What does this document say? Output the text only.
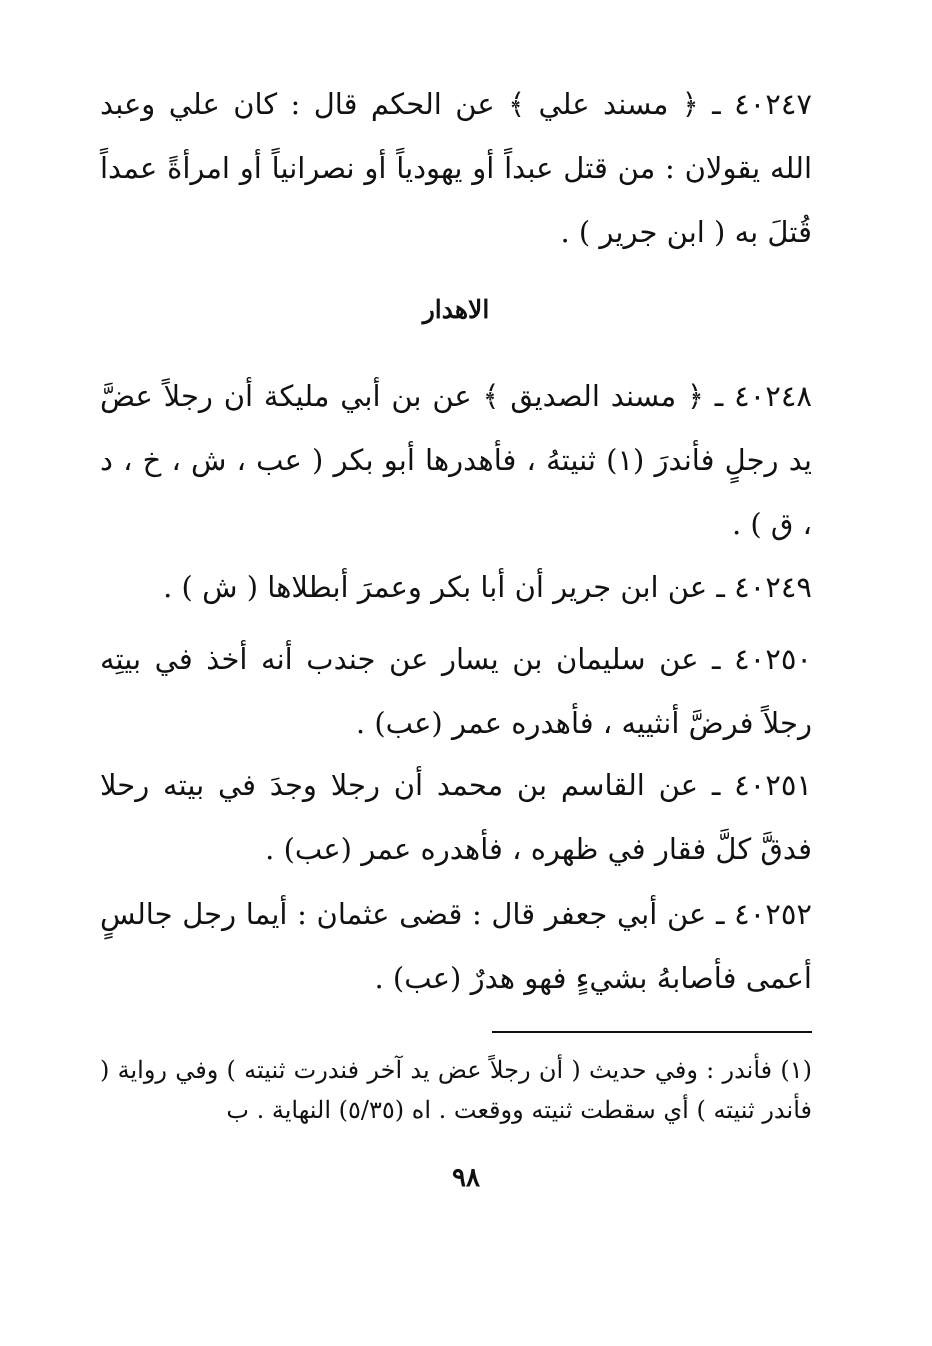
٤٠٢٤٧ ـ ﴿ مسند علي ﴾ عن الحكم قال : كان علي وعبد الله يقولان : من قتل عبداً أو يهودياً أو نصرانياً أو امرأةً عمداً قُتلَ به ( ابن جرير ) .

الاهدار

٤٠٢٤٨ ـ ﴿ مسند الصديق ﴾ عن بن أبي مليكة أن رجلاً عضَّ يد رجلٍ فأندرَ (١) ثنيتهُ ، فأهدرها أبو بكر ( عب ، ش ، خ ، د ، ق ) .

٤٠٢٤٩ ـ عن ابن جرير أن أبا بكر وعمرَ أبطلاها ( ش ) .

٤٠٢٥٠ ـ عن سليمان بن يسار عن جندب أنه أخذ في بيتِه رجلاً فرضَّ أنثييه ، فأهدره عمر (عب) .

٤٠٢٥١ ـ عن القاسم بن محمد أن رجلا وجدَ في بيته رحلا فدقَّ كلَّ فقار في ظهره ، فأهدره عمر (عب) .

٤٠٢٥٢ ـ عن أبي جعفر قال : قضى عثمان : أيما رجل جالسٍ أعمى فأصابهُ بشيءٍ فهو هدرٌ (عب) .

(١) فأندر : وفي حديث ( أن رجلاً عض يد آخر فندرت ثنيته ) وفي رواية ( فأندر ثنيته ) أي سقطت ثنيته ووقعت . اه (٥/٣٥) النهاية . ب

٩٨
